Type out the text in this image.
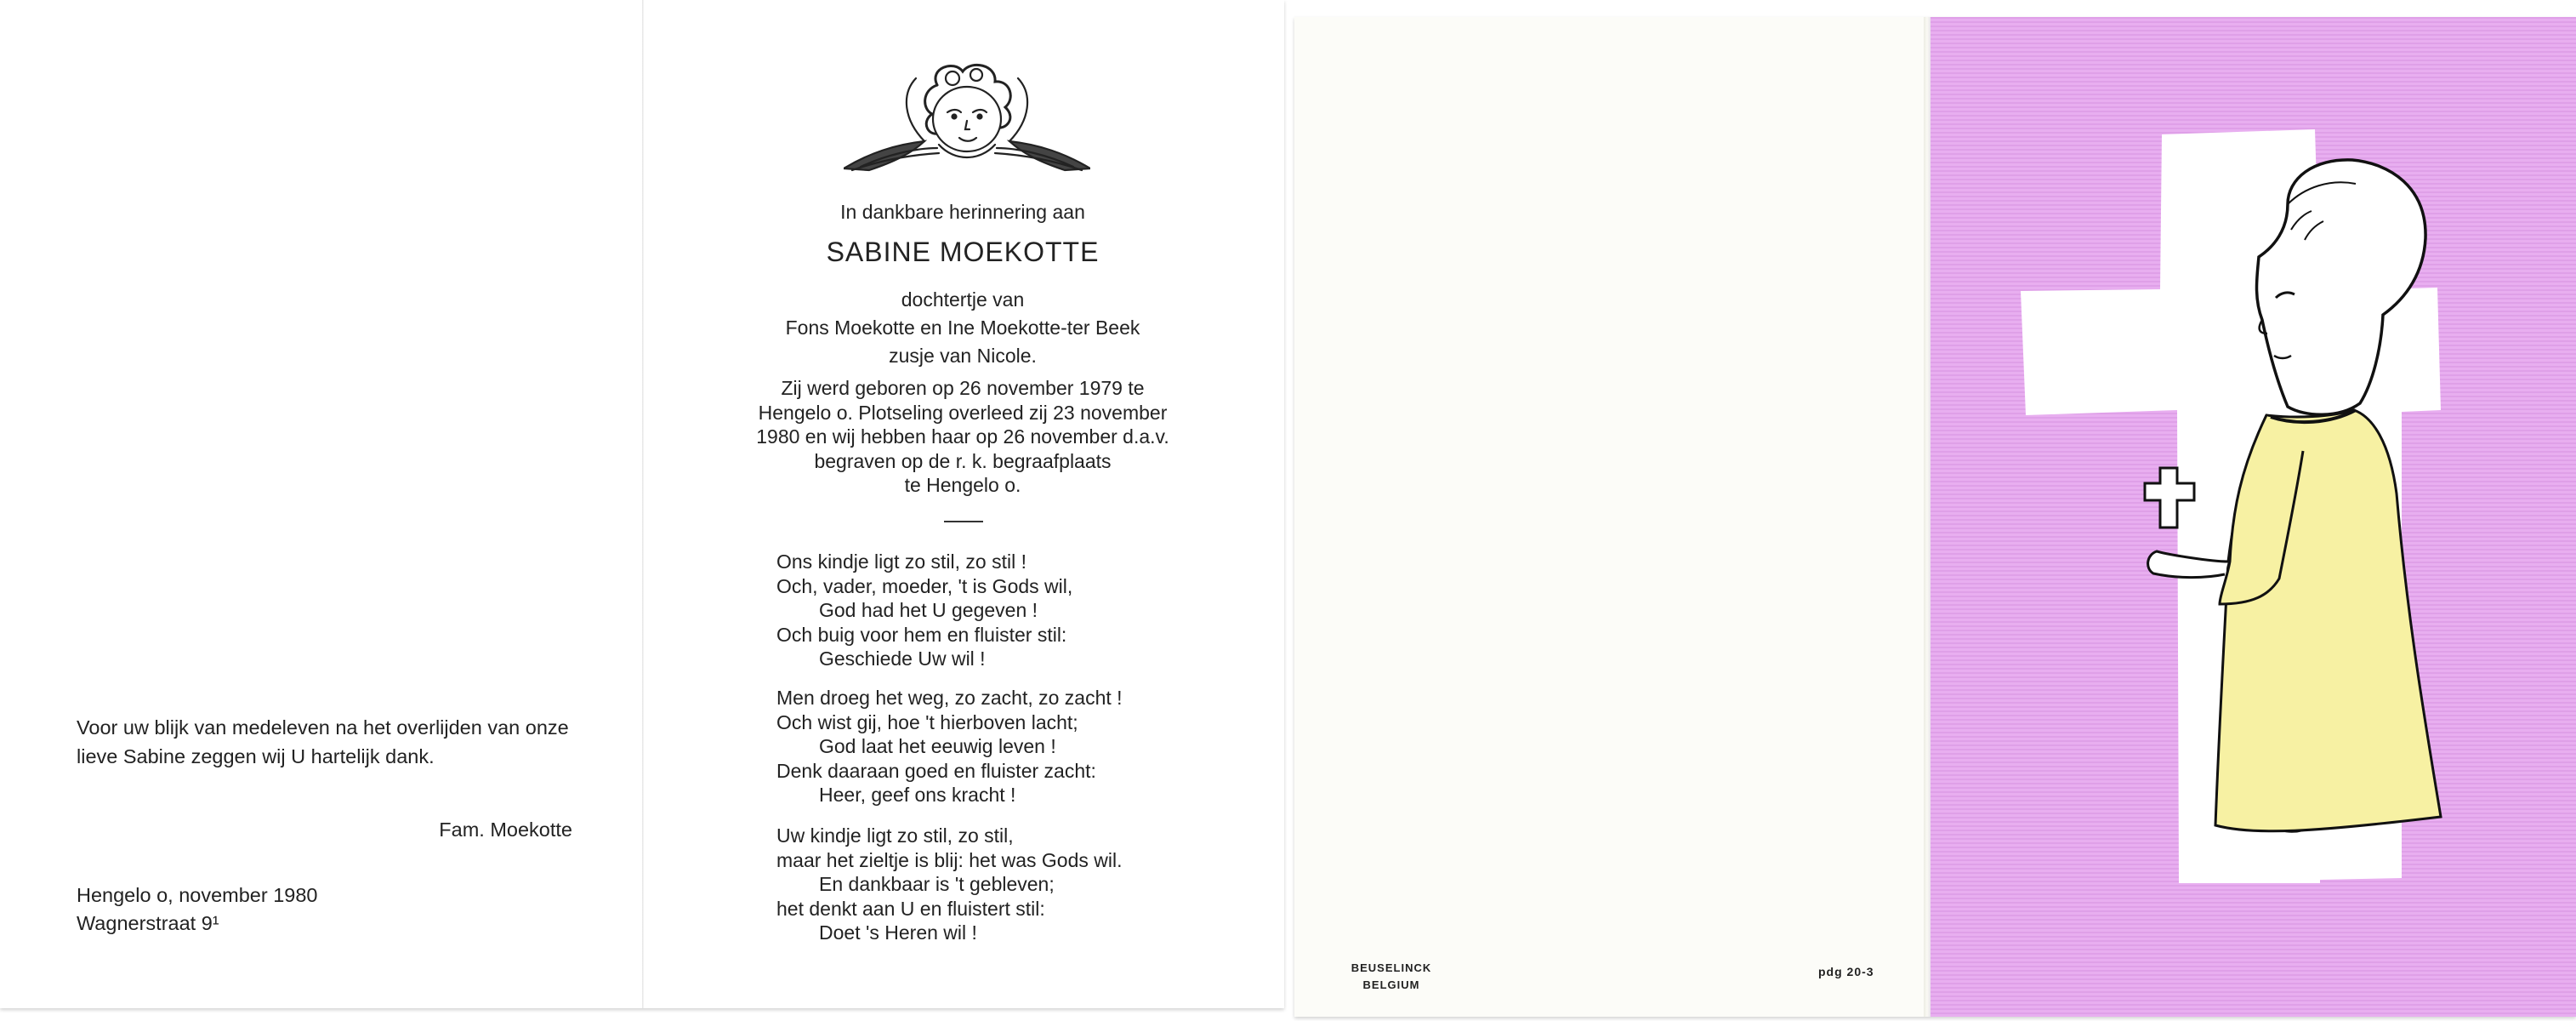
Voor uw blijk van medeleven na het overlijden van onze lieve Sabine zeggen wij U hartelijk dank.
Fam. Moekotte
Hengelo o, november 1980
Wagnerstraat 9¹
In dankbare herinnering aan
SABINE MOEKOTTE
dochtertje van
Fons Moekotte en Ine Moekotte-ter Beek
zusje van Nicole.
Zij werd geboren op 26 november 1979 te
Hengelo o. Plotseling overleed zij 23 november
1980 en wij hebben haar op 26 november d.a.v.
begraven op de r. k. begraafplaats
te Hengelo o.
Ons kindje ligt zo stil, zo stil !
Och, vader, moeder, 't is Gods wil,
God had het U gegeven !
Och buig voor hem en fluister stil:
Geschiede Uw wil !
Men droeg het weg, zo zacht, zo zacht !
Och wist gij, hoe 't hierboven lacht;
God laat het eeuwig leven !
Denk daaraan goed en fluister zacht:
Heer, geef ons kracht !
Uw kindje ligt zo stil, zo stil,
maar het zieltje is blij: het was Gods wil.
En dankbaar is 't gebleven;
het denkt aan U en fluistert stil:
Doet 's Heren wil !
BEUSELINCK
BELGIUM
pdg 20-3
